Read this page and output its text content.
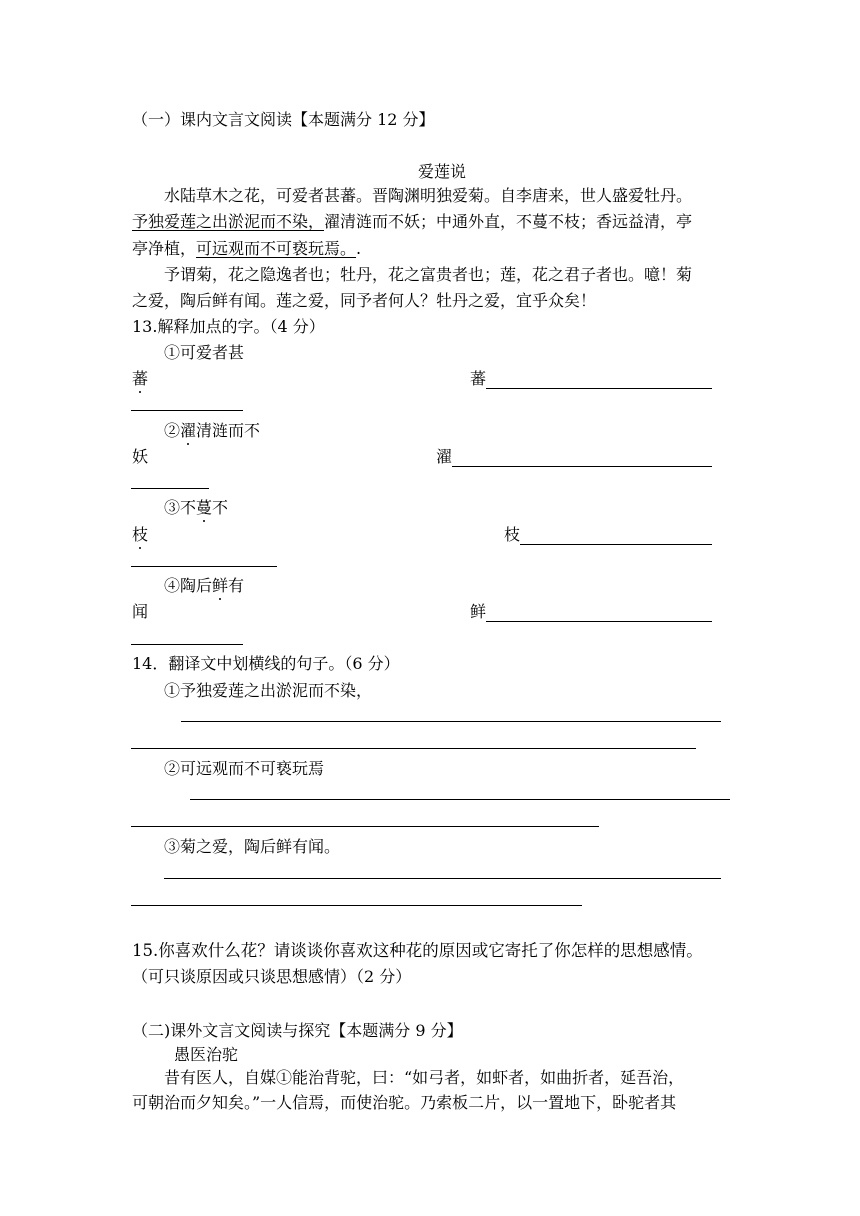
（一）课内文言文阅读【本题满分 12 分】
爱莲说
水陆草木之花，可爱者甚蕃。晋陶渊明独爱菊。自李唐来，世人盛爱牡丹。
予独爱莲之出淤泥而不染，濯清涟而不妖；中通外直，不蔓不枝；香远益清，亭
亭净植，可远观而不可亵玩焉。.
予谓菊，花之隐逸者也；牡丹，花之富贵者也；莲，花之君子者也。噫！菊
之爱，陶后鲜有闻。莲之爱，同予者何人？牡丹之爱，宜乎众矣！
13.解释加点的字。（4 分）
①可爱者甚
蕃	蕃
②濯清涟而不
妖	濯
③不蔓不
枝	枝
④陶后鲜有
闻	鲜
14．翻译文中划横线的句子。（6 分）
①予独爱莲之出淤泥而不染，
②可远观而不可亵玩焉
③菊之爱，陶后鲜有闻。
15.你喜欢什么花？请谈谈你喜欢这种花的原因或它寄托了你怎样的思想感情。
（可只谈原因或只谈思想感情）（2 分）
（二)课外文言文阅读与探究【本题满分 9 分】
愚医治驼
昔有医人，自媒①能治背驼，曰：“如弓者，如虾者，如曲折者，延吾治，
可朝治而夕知矣。”一人信焉，而使治驼。乃索板二片，以一置地下，卧驼者其
